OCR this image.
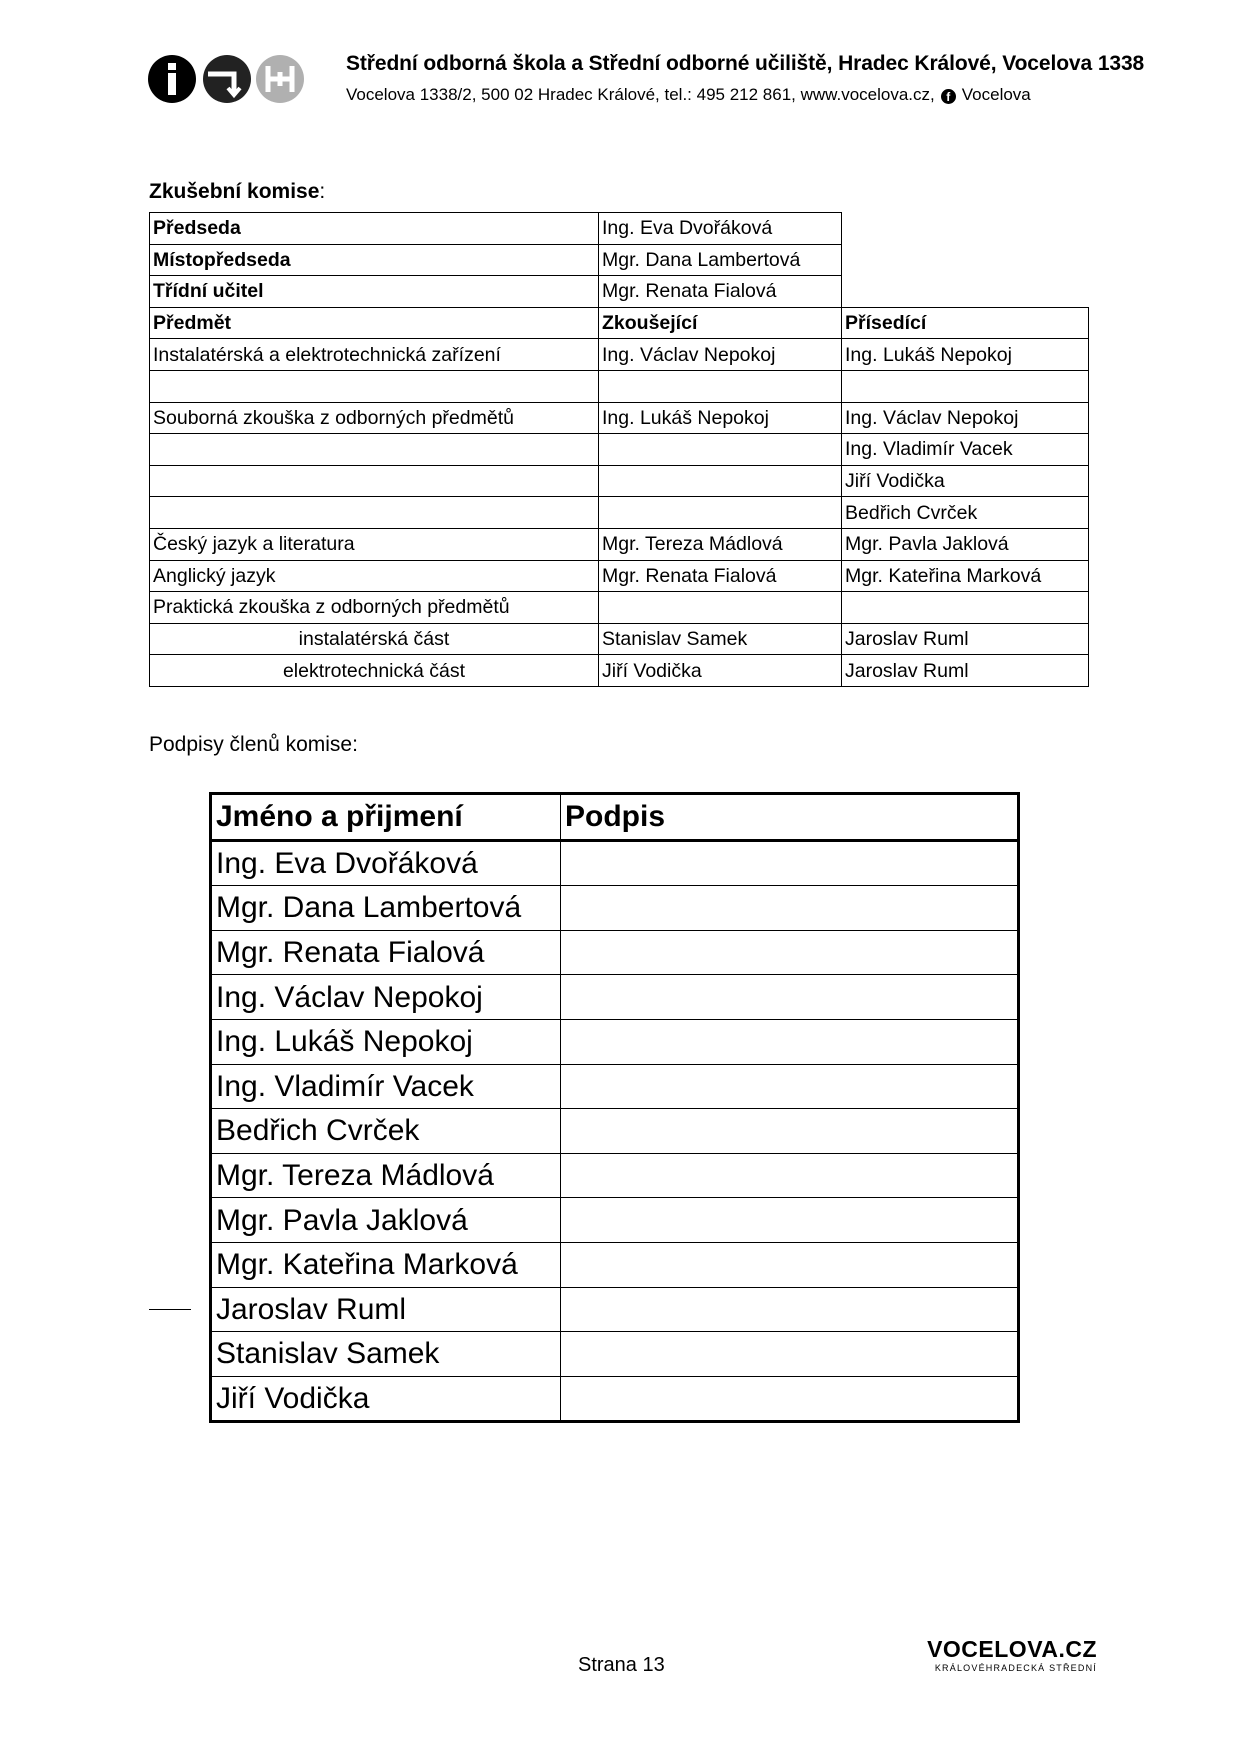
Střední odborná škola a Střední odborné učiliště, Hradec Králové, Vocelova 1338
Vocelova 1338/2, 500 02 Hradec Králové, tel.: 495 212 861, www.vocelova.cz, f Vocelova
Zkušební komise:
Předseda	Ing. Eva Dvořáková	
Místopředseda	Mgr. Dana Lambertová	
Třídní učitel	Mgr. Renata Fialová	
Předmět	Zkoušející	Přísedící
Instalatérská a elektrotechnická zařízení	Ing. Václav Nepokoj	Ing. Lukáš Nepokoj

Souborná zkouška z odborných předmětů	Ing. Lukáš Nepokoj	Ing. Václav Nepokoj
		Ing. Vladimír Vacek
		Jiří Vodička
		Bedřich Cvrček
Český jazyk a literatura	Mgr. Tereza Mádlová	Mgr. Pavla Jaklová
Anglický jazyk	Mgr. Renata Fialová	Mgr. Kateřina Marková
Praktická zkouška z odborných předmětů		
instalatérská část	Stanislav Samek	Jaroslav Ruml
elektrotechnická část	Jiří Vodička	Jaroslav Ruml
Podpisy členů komise:
Jméno a přijmení	Podpis
Ing. Eva Dvořáková	
Mgr. Dana Lambertová	
Mgr. Renata Fialová	
Ing. Václav Nepokoj	
Ing. Lukáš Nepokoj	
Ing. Vladimír Vacek	
Bedřich Cvrček	
Mgr. Tereza Mádlová	
Mgr. Pavla Jaklová	
Mgr. Kateřina Marková	
Jaroslav Ruml	
Stanislav Samek	
Jiří Vodička	
Strana 13
VOCELOVA.CZ
KRÁLOVÉHRADECKÁ STŘEDNÍ
